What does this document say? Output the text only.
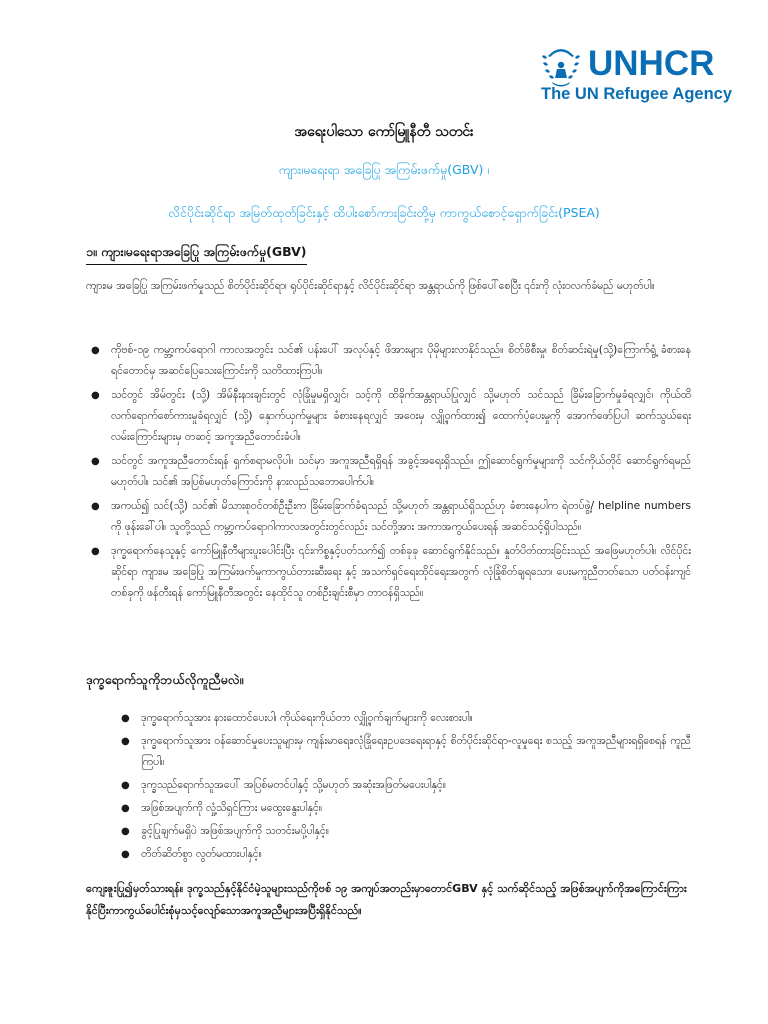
UNHCR
The UN Refugee Agency
အရေးပါသော ကော်မြူနီတီ သတင်း

ကျား၊မရေးရာ အခြေပြု အကြမ်းဖက်မှု(GBV) ၊

လိင်ပိုင်းဆိုင်ရာ အမြတ်ထုတ်ခြင်းနှင့် ထိပါးစော်ကားခြင်းတို့မှ ကာကွယ်စောင့်ရှောက်ခြင်း(PSEA)

၁။ ကျား၊မရေးရာအခြေပြု အကြမ်းဖက်မှု(GBV)

ကျား၊မ အခြေပြု အကြမ်းဖက်မှုသည် စိတ်ပိုင်းဆိုင်ရာ၊ ရုပ်ပိုင်းဆိုင်ရာနှင့် လိင်ပိုင်းဆိုင်ရာ အန္တရာယ်ကို ဖြစ်ပေါ်စေပြီး ၎င်းကို လုံးဝလက်ခံမည် မဟုတ်ပါ။

● ကိုဗစ်-၁၉ ကမ္ဘာ့ကပ်ရောဂါ ကာလအတွင်း သင်၏ ပန်းပေါ် အလုပ်နှင့် ဖိအားများ ပိုမိုများလာနိုင်သည်။ စိတ်ဖိစီးမှု၊ စိတ်ဆင်းရဲမှု(သို့)ကြောက်ရွံ့ ခံစားနေရင်တောင်မှ အဆင်ပြေသေးကြောင်းကို သတိထားကြပါ။
● သင်တွင် အိမ်တွင်း (သို့) အိမ်နီးနားချင်းတွင် လုံခြုံမှုမရှိလျှင်၊ သင့်ကို ထိခိုက်အန္တရာယ်ပြုလျှင် သို့မဟုတ် သင်သည် ခြိမ်းခြောက်မှုခံရလျှင်၊ ကိုယ်ထိ လက်ရောက်စော်ကားမှုခံရလျှင် (သို့) နှောက်ယှက်မှုများ ခံစားနေရလျှင် အဝေးမှ လျှို့ဝှက်ထား၍ ထောက်ပံ့ပေးမှုကို အောက်ဖော်ပြပါ ဆက်သွယ်ရေး လမ်းကြောင်းများမှ တဆင့် အကူအညီတောင်းခံပါ။
● သင်တွင် အကူအညီတောင်းရန် ရှက်စရာမလိုပါ။ သင်မှာ အကူအညီရရှိရန် အခွင့်အရေးရှိသည်။ ဤဆောင်ရွက်မှုများကို သင်ကိုယ်တိုင် ဆောင်ရွက်ရမည်မဟုတ်ပါ။ သင်၏ အပြစ်မဟုတ်ကြောင်းကို နားလည်သဘောပေါက်ပါ။
● အကယ်၍ သင်(သို့) သင်၏ မိသားစုဝင်တစ်ဦးဦးက ခြိမ်းခြောက်ခံရသည် သို့မဟုတ် အန္တရာယ်ရှိသည်ဟု ခံစားနေပါက ရဲတပ်ဖွဲ့/ helpline numbers ကို ဖုန်းခေါ်ပါ။ သူတို့သည် ကမ္ဘာ့ကပ်ရောဂါကာလအတွင်းတွင်လည်း သင်တို့အား အကာအကွယ်ပေးရန် အဆင်သင့်ရှိပါသည်။
● ဒုက္ခရောက်နေသူနှင့် ကော်မြူနီတီများပူးပေါင်းပြီး ၎င်းကိစ္စနှင့်ပတ်သက်၍ တစ်ခုခု ဆောင်ရွက်နိုင်သည်။ နှုတ်ပိတ်ထားခြင်းသည် အဖြေမဟုတ်ပါ။ လိင်ပိုင်းဆိုင်ရာ ကျား၊မ အခြေပြု အကြမ်းဖက်မှုကာကွယ်တားဆီးရေး နှင့် အသက်ရှင်ရေးထိုင်ရေးအတွက် လုံခြုံစိတ်ချရသော၊ ပေးမကူညီတတ်သော ပတ်ဝန်းကျင်တစ်ခုကို ဖန်တီးရန် ကော်မြူနီတီအတွင်း နေထိုင်သူ တစ်ဦးချင်းစီမှာ တာဝန်ရှိသည်။
ဒုက္ခရောက်သူကိုဘယ်လိုကူညီမလဲ။
● ဒုက္ခရောက်သူအား နားထောင်ပေးပါ၊ ကိုယ်ရေးကိုယ်တာ လျှို့ဝှက်ချက်များကို လေးစားပါ။
● ဒုက္ခရောက်သူအား ဝန်ဆောင်မှုပေးသူများမှ ကျန်းမာရေး၊လုံခြုံရေး၊ဥပဒေရေးရာနှင့် စိတ်ပိုင်းဆိုင်ရာ-လူမှုရေး စသည့် အကူအညီများရရှိစေရန် ကူညီကြပါ။
● ဒုက္ခသည်ရောက်သူအပေါ် အပြစ်မတင်ပါနှင့် သို့မဟုတ် အဆုံးအဖြတ်မပေးပါနှင့်။
● အဖြစ်အပျက်ကို လှုံ့သိရှင်ကြား မထွေးနွေးပါနှင့်။
● ခွင့်ပြုချက်မရှိပဲ အဖြစ်အပျက်ကို သတင်းမပို့ပါနှင့်။
● တိတ်ဆိတ်စွာ လွတ်မထားပါနှင့်။

ကျေးဇူးပြု၍မှတ်သားရန်။ ဒုက္ခသည်နှင့်နိုင်ငံမဲ့သူများသည်ကိုဗစ် ၁၉ အကျပ်အတည်းမှာတောင်GBV နှင့် သက်ဆိုင်သည့် အဖြစ်အပျက်ကိုအကြောင်းကြားနိုင်ပြီးကာကွယ်ပေါင်းစုံမှသင့်လျော်သောအကူအညီများအပြီးရှိနိုင်သည်။
